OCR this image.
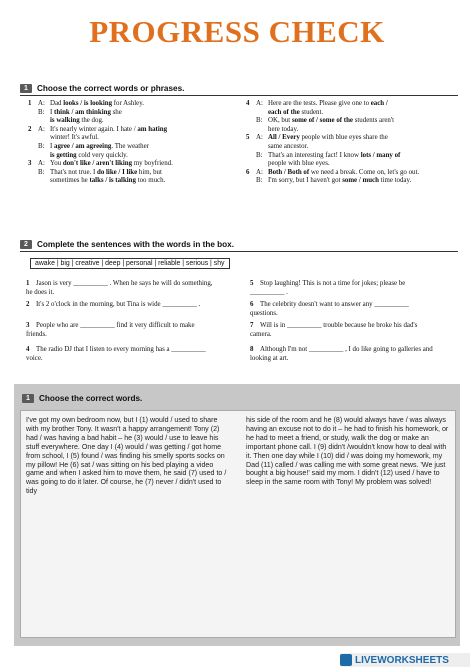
PROGRESS CHECK
1	Choose the correct words or phrases.
1 A: Dad looks / is looking for Ashley.
B: I think / am thinking she
is walking the dog.
2 A: It's nearly winter again. I hate / am hating
winter! It's awful.
B: I agree / am agreeing. The weather
is getting cold very quickly.
3 A: You don't like / aren't liking my boyfriend.
B: That's not true. I do like / I like him, but
sometimes he talks / is talking too much.
4 A: Here are the tests. Please give one to each /
each of the student.
B: OK, but some of / some of the students aren't
here today.
5 A: All / Every people with blue eyes share the
same ancestor.
B: That's an interesting fact! I know lots / many of
people with blue eyes.
6 A: Both / Both of we need a break. Come on, let's go out.
B: I'm sorry, but I haven't got some / much time today.
2	Complete the sentences with the words in the box.
awake | big | creative | deep | personal | reliable | serious | shy
1 Jason is very __________ . When he says he will do something, he does it.
2 It's 2 o'clock in the morning, but Tina is wide __________ .
3 People who are __________ find it very difficult to make friends.
4 The radio DJ that I listen to every morning has a __________ voice.
5 Stop laughing! This is not a time for jokes; please be __________ .
6 The celebrity doesn't want to answer any __________ questions.
7 Will is in __________ trouble because he broke his dad's camera.
8 Although I'm not __________ , I do like going to galleries and looking at art.
1	Choose the correct words.
I've got my own bedroom now, but I (1) would / used to share with my brother Tony. It wasn't a happy arrangement! Tony (2) had / was having a bad habit – he (3) would / use to leave his stuff everywhere. One day I (4) would / was getting / got home from school, I (5) found / was finding his smelly sports socks on my pillow! He (6) sat / was sitting on his bed playing a video game and when I asked him to move them, he said (7) used to / was going to do it later. Of course, he (7) never / didn't used to tidy
his side of the room and he (8) would always have / was always having an excuse not to do it – he had to finish his homework, or he had to meet a friend, or study, walk the dog or make an important phone call. I (9) didn't /wouldn't know how to deal with it. Then one day while I (10) did / was doing my homework, my Dad (11) called / was calling me with some great news. 'We just bought a big house!' said my mom. I didn't (12) used / have to sleep in the same room with Tony! My problem was solved!
LIVEWORKSHEETS
